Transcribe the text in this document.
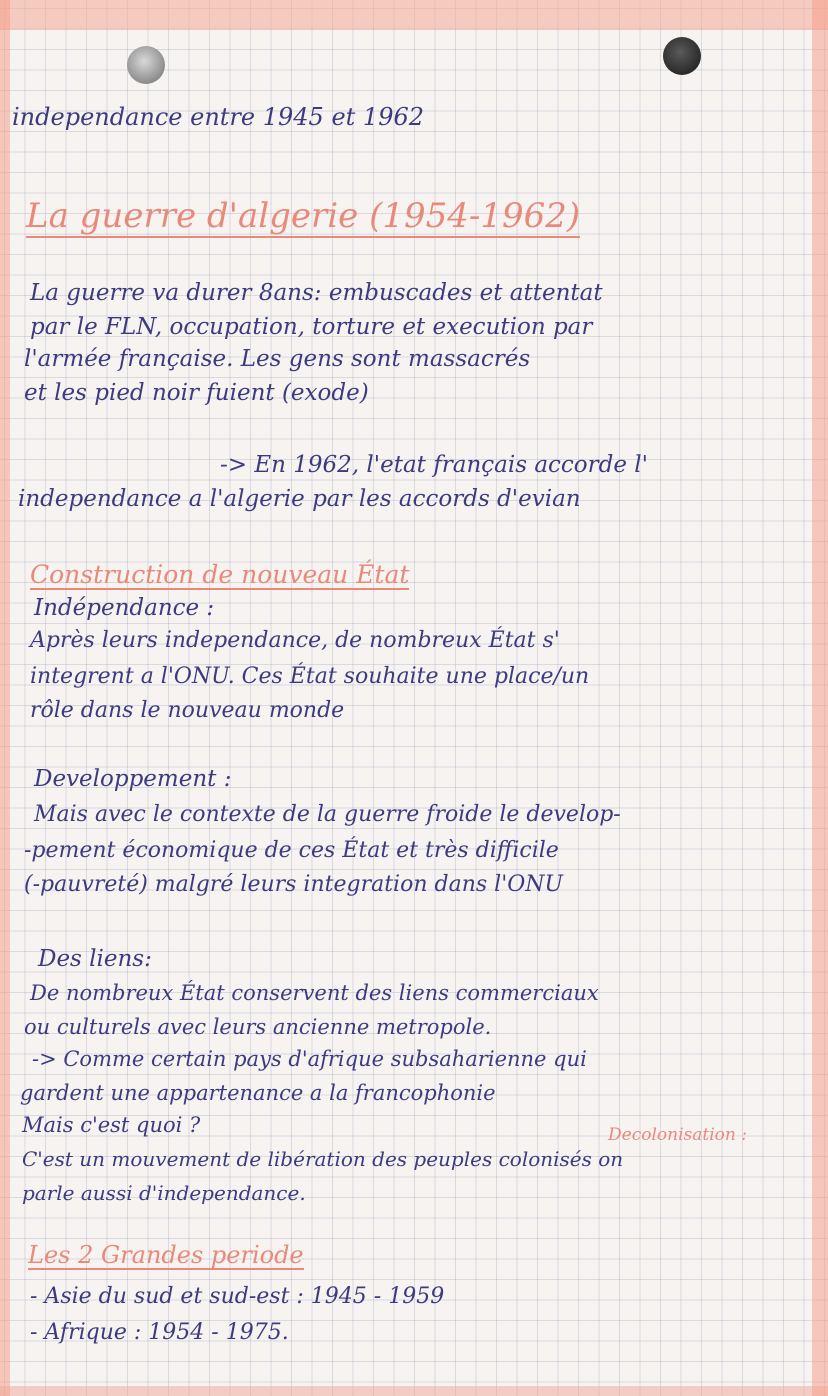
independance entre 1945 et 1962

La guerre d'algerie (1954-1962)

La guerre va durer 8ans: embuscades et attentat

par le FLN, occupation, torture et execution par

l'armée française. Les gens sont massacrés

et les pied noir fuient (exode)

-> En 1962, l'etat français accorde l'

independance a l'algerie par les accords d'evian

Construction de nouveau État

Indépendance :

Après leurs independance, de nombreux État s'

integrent a l'ONU. Ces État souhaite une place/un

rôle dans le nouveau monde

Developpement :

Mais avec le contexte de la guerre froide le develop-

-pement économique de ces État et très difficile

(-pauvreté) malgré leurs integration dans l'ONU

Des liens:

De nombreux État conservent des liens commerciaux

ou culturels avec leurs ancienne metropole.

-> Comme certain pays d'afrique subsaharienne qui

gardent une appartenance a la francophonie

Mais c'est quoi ?	Decolonisation :

C'est un mouvement de libération des peuples colonisés on

parle aussi d'independance.

Les 2 Grandes periode

- Asie du sud et sud-est : 1945 - 1959

- Afrique : 1954 - 1975.
